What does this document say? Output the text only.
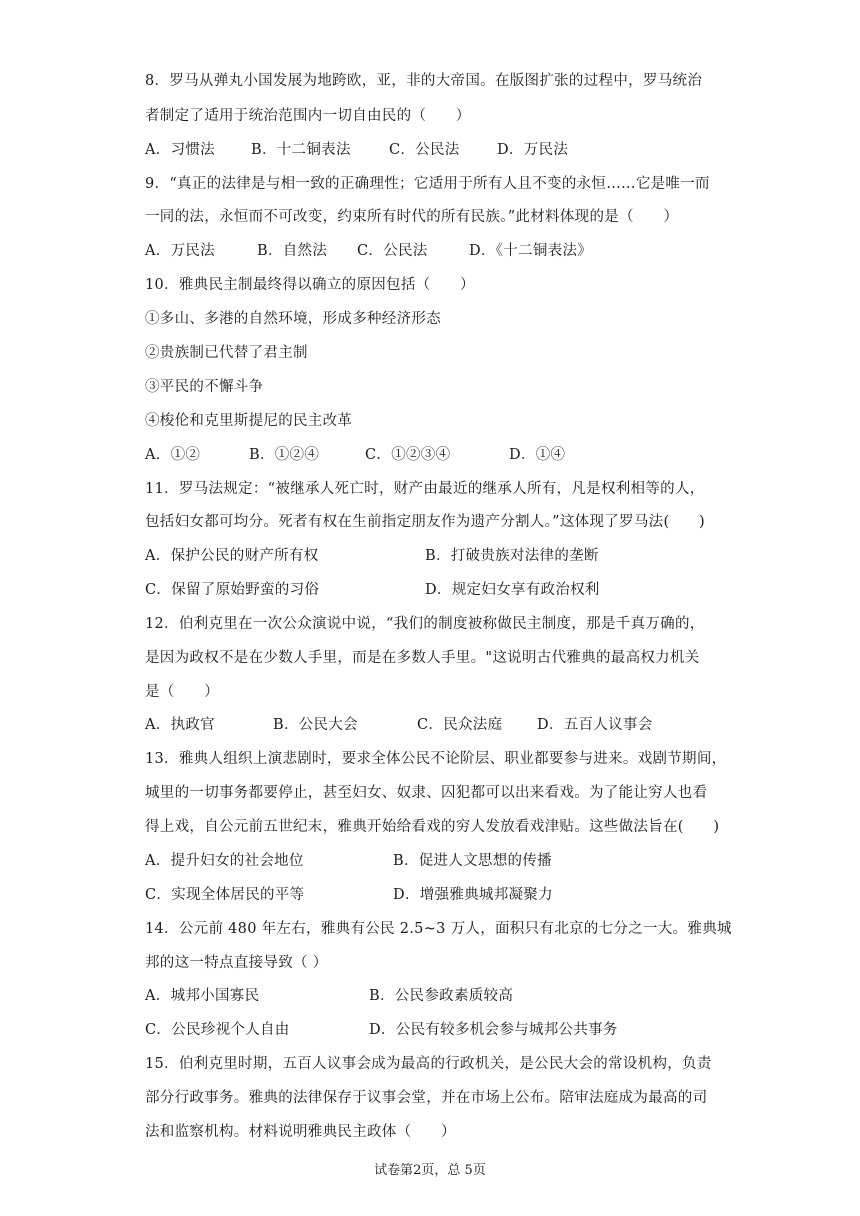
8．罗马从弹丸小国发展为地跨欧，亚，非的大帝国。在版图扩张的过程中，罗马统治
者制定了适用于统治范围内一切自由民的（　　）
A．习惯法 B．十二铜表法	C．公民法	D．万民法
9．“真正的法律是与相一致的正确理性；它适用于所有人且不变的永恒……它是唯一而
一同的法，永恒而不可改变，约束所有时代的所有民族。”此材料体现的是（　　）
A．万民法	B．自然法 C．公民法	D．《十二铜表法》
10．雅典民主制最终得以确立的原因包括（　　）
①多山、多港的自然环境，形成多种经济形态
②贵族制已代替了君主制
③平民的不懈斗争
④梭伦和克里斯提尼的民主改革
A．①②	B．①②④	C．①②③④	D．①④
11．罗马法规定：“被继承人死亡时，财产由最近的继承人所有，凡是权利相等的人，
包括妇女都可均分。死者有权在生前指定朋友作为遗产分割人。”这体现了罗马法(　　)
A．保护公民的财产所有权	B．打破贵族对法律的垄断
C．保留了原始野蛮的习俗	D．规定妇女享有政治权利
12．伯利克里在一次公众演说中说，“我们的制度被称做民主制度，那是千真万确的，
是因为政权不是在少数人手里，而是在多数人手里。"这说明古代雅典的最高权力机关
是（　　）
A．执政官	B．公民大会	C．民众法庭 D．五百人议事会
13．雅典人组织上演悲剧时，要求全体公民不论阶层、职业都要参与进来。戏剧节期间，
城里的一切事务都要停止，甚至妇女、奴隶、囚犯都可以出来看戏。为了能让穷人也看
得上戏，自公元前五世纪末，雅典开始给看戏的穷人发放看戏津贴。这些做法旨在(　　)
A．提升妇女的社会地位	B．促进人文思想的传播
C．实现全体居民的平等	D．增强雅典城邦凝聚力
14．公元前 480 年左右，雅典有公民 2.5~3 万人，面积只有北京的七分之一大。雅典城
邦的这一特点直接导致（ ）
A．城邦小国寡民	B．公民参政素质较高
C．公民珍视个人自由	D．公民有较多机会参与城邦公共事务
15．伯利克里时期，五百人议事会成为最高的行政机关，是公民大会的常设机构，负责
部分行政事务。雅典的法律保存于议事会堂，并在市场上公布。陪审法庭成为最高的司
法和监察机构。材料说明雅典民主政体（　　）
试卷第2页，总 5页
